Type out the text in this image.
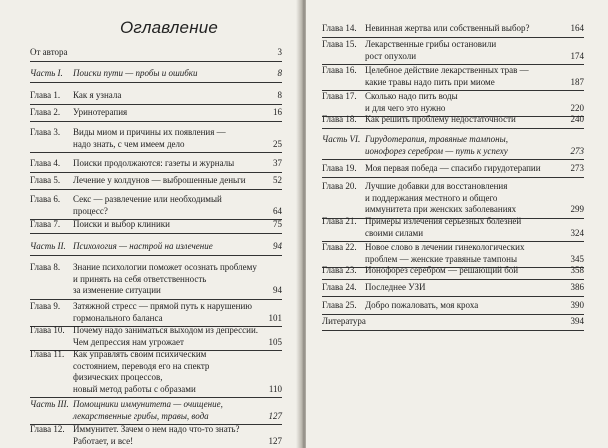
Оглавление
От автора	3
Часть I. Поиски пути — пробы и ошибки	8
Глава 1. Как я узнала	8
Глава 2. Уринотерапия	16
Глава 3. Виды миом и причины их появления —
надо знать, с чем имеем дело	25
Глава 4. Поиски продолжаются: газеты и журналы	37
Глава 5. Лечение у колдунов — выброшенные деньги	52
Глава 6. Секс — развлечение или необходимый
процесс?	64
Глава 7. Поиски и выбор клиники	75
Часть II. Психология — настрой на излечение	94
Глава 8. Знание психологии поможет осознать проблему
и принять на себя ответственность
за изменение ситуации	94
Глава 9. Затяжной стресс — прямой путь к нарушению
гормонального баланса	101
Глава 10. Почему надо заниматься выходом из депрессии.
Чем депрессия нам угрожает	105
Глава 11. Как управлять своим психическим
состоянием, переводя его на спектр
физических процессов,
новый метод работы с образами	110
Часть III. Помощники иммунитета — очищение,
лекарственные грибы, травы, вода	127
Глава 12. Иммунитет. Зачем о нем надо что-то знать?
Работает, и все!	127
Глава 14. Невинная жертва или собственный выбор?	164
Глава 15. Лекарственные грибы остановили
рост опухоли	174
Глава 16. Целебное действие лекарственных трав —
какие травы надо пить при миоме	187
Глава 17. Сколько надо пить воды
и для чего это нужно	220
Глава 18. Как решить проблему недостаточности	240
Часть VI. Гирудотерапия, травяные тампоны,
ионофорез серебром — путь к успеху	273
Глава 19. Моя первая победа — спасибо гирудотерапии	273
Глава 20. Лучшие добавки для восстановления
и поддержания местного и общего
иммунитета при женских заболеваниях	299
Глава 21. Примеры излечения серьезных болезней
своими силами	324
Глава 22. Новое слово в лечении гинекологических
проблем — женские травяные тампоны	345
Глава 23. Ионофорез серебром — решающий бой	358
Глава 24. Последнее УЗИ	386
Глава 25. Добро пожаловать, моя кроха	390
Литература	394
